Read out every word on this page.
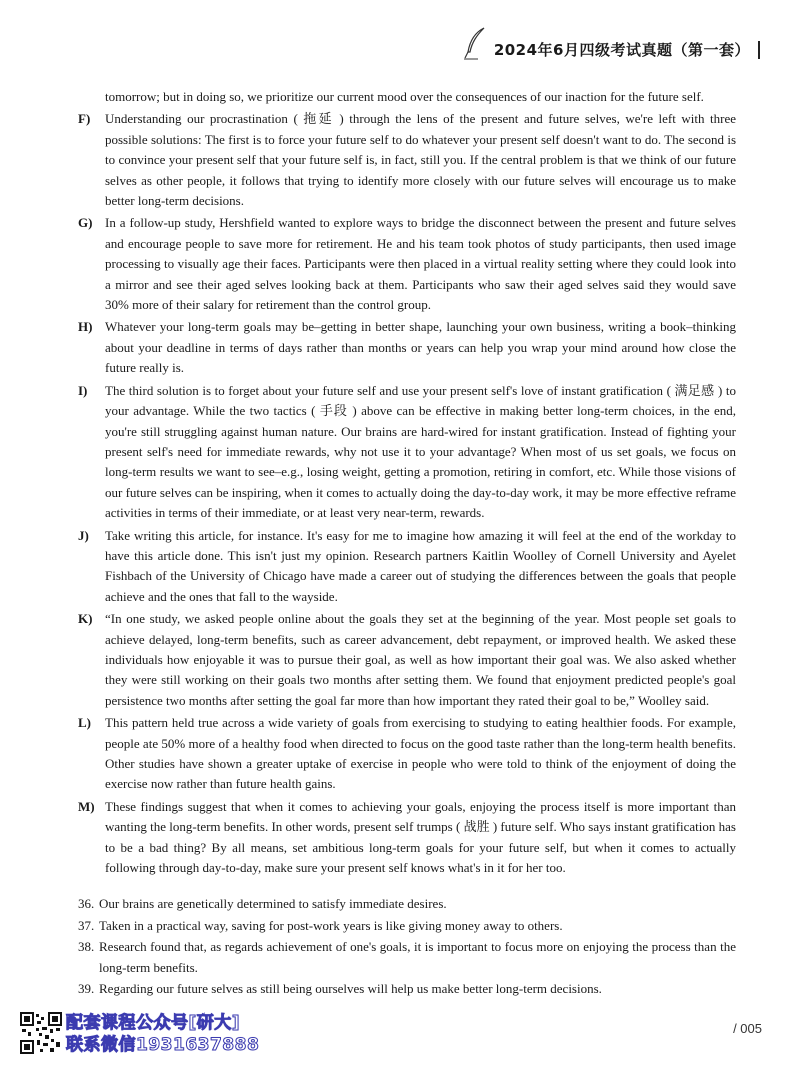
2024年6月四级考试真题（第一套）
tomorrow; but in doing so, we prioritize our current mood over the consequences of our inaction for the future self.
F) Understanding our procrastination ( 拖延 ) through the lens of the present and future selves, we're left with three possible solutions: The first is to force your future self to do whatever your present self doesn't want to do. The second is to convince your present self that your future self is, in fact, still you. If the central problem is that we think of our future selves as other people, it follows that trying to identify more closely with our future selves will encourage us to make better long-term decisions.
G) In a follow-up study, Hershfield wanted to explore ways to bridge the disconnect between the present and future selves and encourage people to save more for retirement. He and his team took photos of study participants, then used image processing to visually age their faces. Participants were then placed in a virtual reality setting where they could look into a mirror and see their aged selves looking back at them. Participants who saw their aged selves said they would save 30% more of their salary for retirement than the control group.
H) Whatever your long-term goals may be–getting in better shape, launching your own business, writing a book–thinking about your deadline in terms of days rather than months or years can help you wrap your mind around how close the future really is.
I) The third solution is to forget about your future self and use your present self's love of instant gratification ( 满足感 ) to your advantage. While the two tactics ( 手段 ) above can be effective in making better long-term choices, in the end, you're still struggling against human nature. Our brains are hard-wired for instant gratification. Instead of fighting your present self's need for immediate rewards, why not use it to your advantage? When most of us set goals, we focus on long-term results we want to see–e.g., losing weight, getting a promotion, retiring in comfort, etc. While those visions of our future selves can be inspiring, when it comes to actually doing the day-to-day work, it may be more effective reframe activities in terms of their immediate, or at least very near-term, rewards.
J) Take writing this article, for instance. It's easy for me to imagine how amazing it will feel at the end of the workday to have this article done. This isn't just my opinion. Research partners Kaitlin Woolley of Cornell University and Ayelet Fishbach of the University of Chicago have made a career out of studying the differences between the goals that people achieve and the ones that fall to the wayside.
K) “In one study, we asked people online about the goals they set at the beginning of the year. Most people set goals to achieve delayed, long-term benefits, such as career advancement, debt repayment, or improved health. We asked these individuals how enjoyable it was to pursue their goal, as well as how important their goal was. We also asked whether they were still working on their goals two months after setting them. We found that enjoyment predicted people's goal persistence two months after setting the goal far more than how important they rated their goal to be,” Woolley said.
L) This pattern held true across a wide variety of goals from exercising to studying to eating healthier foods. For example, people ate 50% more of a healthy food when directed to focus on the good taste rather than the long-term health benefits. Other studies have shown a greater uptake of exercise in people who were told to think of the enjoyment of doing the exercise now rather than future health gains.
M) These findings suggest that when it comes to achieving your goals, enjoying the process itself is more important than wanting the long-term benefits. In other words, present self trumps ( 战胜 ) future self. Who says instant gratification has to be a bad thing? By all means, set ambitious long-term goals for your future self, but when it comes to actually following through day-to-day, make sure your present self knows what's in it for her too.
36. Our brains are genetically determined to satisfy immediate desires.
37. Taken in a practical way, saving for post-work years is like giving money away to others.
38. Research found that, as regards achievement of one's goals, it is important to focus more on enjoying the process than the long-term benefits.
39. Regarding our future selves as still being ourselves will help us make better long-term decisions.
配套课程公众号[研大]
联系微信1931637888
/ 005
